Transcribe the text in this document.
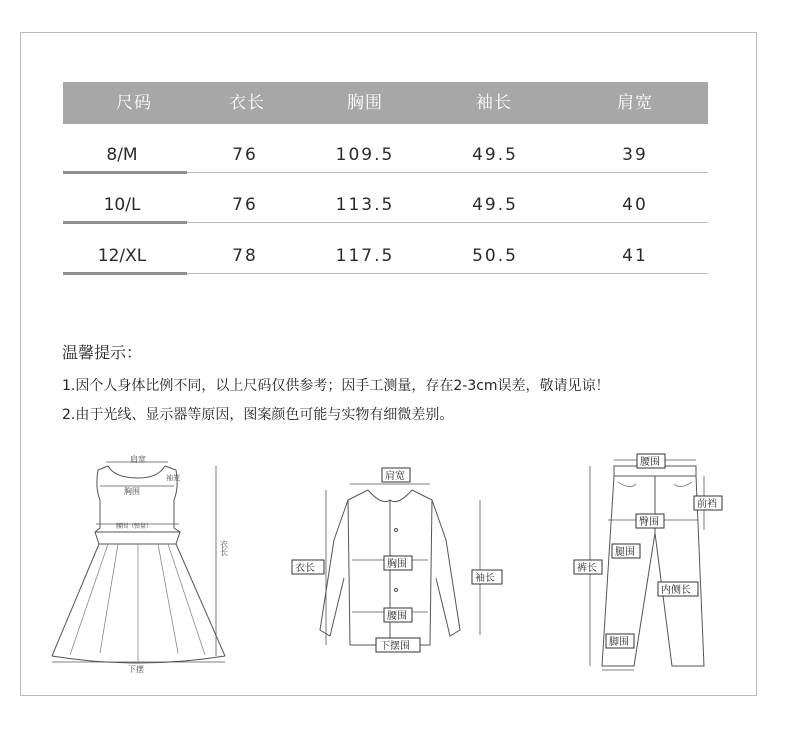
尺码	衣长	胸围	袖长	肩宽
8/M	76	109.5	49.5	39
10/L	76	113.5	49.5	40
12/XL	78	117.5	50.5	41
温馨提示：
1.因个人身体比例不同，以上尺码仅供参考；因手工测量，存在2-3cm误差，敬请见谅！
2.由于光线、显示器等原因，图案颜色可能与实物有细微差别。
肩宽
胸围
袖笼
腰围（弹量）
衣长
下摆
肩宽
衣长	胸围
袖长
腰围
下摆围
腰围
前裆
臀围
腿围
裤长
内侧长
脚围
